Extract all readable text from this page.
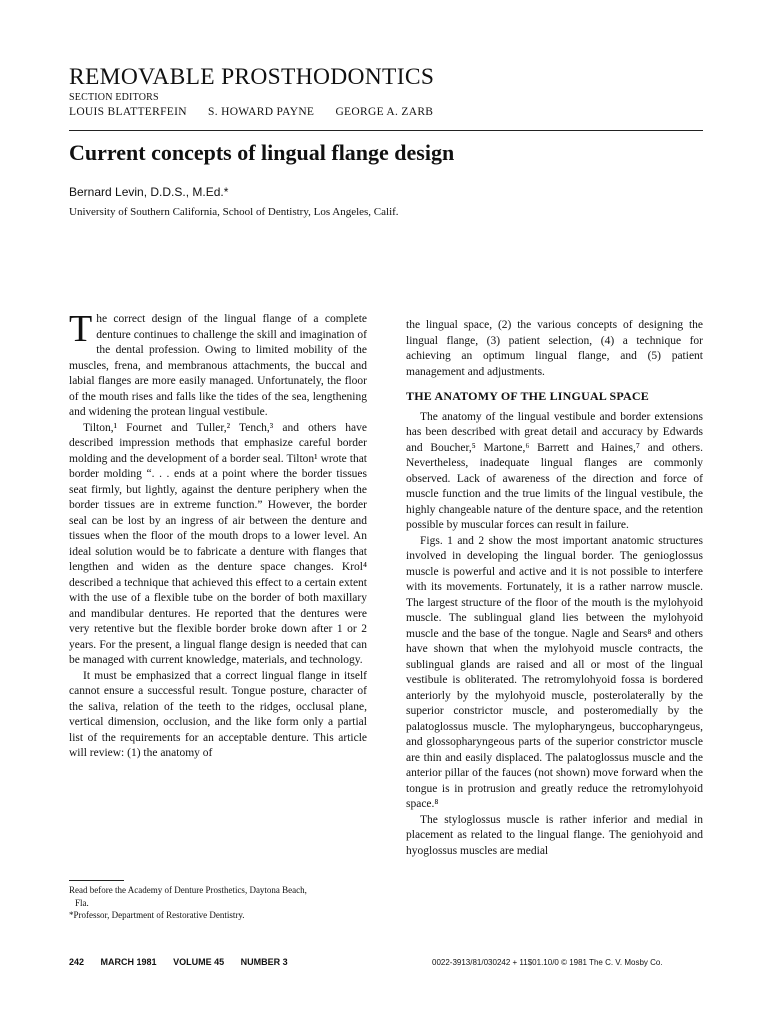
REMOVABLE PROSTHODONTICS
SECTION EDITORS
LOUIS BLATTERFEIN S. HOWARD PAYNE GEORGE A. ZARB
Current concepts of lingual flange design
Bernard Levin, D.D.S., M.Ed.*
University of Southern California, School of Dentistry, Los Angeles, Calif.

The correct design of the lingual flange of a complete denture continues to challenge the skill and imagination of the dental profession. Owing to limited mobility of the muscles, frena, and membranous attachments, the buccal and labial flanges are more easily managed. Unfortunately, the floor of the mouth rises and falls like the tides of the sea, lengthening and widening the protean lingual vestibule.

Tilton,¹ Fournet and Tuller,² Tench,³ and others have described impression methods that emphasize careful border molding and the development of a border seal. Tilton¹ wrote that border molding “. . . ends at a point where the border tissues seat firmly, but lightly, against the denture periphery when the border tissues are in extreme function.” However, the border seal can be lost by an ingress of air between the denture and tissues when the floor of the mouth drops to a lower level. An ideal solution would be to fabricate a denture with flanges that lengthen and widen as the denture space changes. Krol⁴ described a technique that achieved this effect to a certain extent with the use of a flexible tube on the border of both maxillary and mandibular dentures. He reported that the dentures were very retentive but the flexible border broke down after 1 or 2 years. For the present, a lingual flange design is needed that can be managed with current knowledge, materials, and technology.

It must be emphasized that a correct lingual flange in itself cannot ensure a successful result. Tongue posture, character of the saliva, relation of the teeth to the ridges, occlusal plane, vertical dimension, occlusion, and the like form only a partial list of the requirements for an acceptable denture. This article will review: (1) the anatomy of

the lingual space, (2) the various concepts of designing the lingual flange, (3) patient selection, (4) a technique for achieving an optimum lingual flange, and (5) patient management and adjustments.

THE ANATOMY OF THE LINGUAL SPACE

The anatomy of the lingual vestibule and border extensions has been described with great detail and accuracy by Edwards and Boucher,⁵ Martone,⁶ Barrett and Haines,⁷ and others. Nevertheless, inadequate lingual flanges are commonly observed. Lack of awareness of the direction and force of muscle function and the true limits of the lingual vestibule, the highly changeable nature of the denture space, and the retention possible by muscular forces can result in failure.

Figs. 1 and 2 show the most important anatomic structures involved in developing the lingual border. The genioglossus muscle is powerful and active and it is not possible to interfere with its movements. Fortunately, it is a rather narrow muscle. The largest structure of the floor of the mouth is the mylohyoid muscle. The sublingual gland lies between the mylohyoid muscle and the base of the tongue. Nagle and Sears⁸ and others have shown that when the mylohyoid muscle contracts, the sublingual glands are raised and all or most of the lingual vestibule is obliterated. The retromylohyoid fossa is bordered anteriorly by the mylohyoid muscle, posterolaterally by the superior constrictor muscle, and posteromedially by the palatoglossus muscle. The mylopharyngeus, buccopharyngeus, and glossopharyngeous parts of the superior constrictor muscle are thin and easily displaced. The palatoglossus muscle and the anterior pillar of the fauces (not shown) move forward when the tongue is in protrusion and greatly reduce the retromylohyoid space.⁸

The styloglossus muscle is rather inferior and medial in placement as related to the lingual flange. The geniohyoid and hyoglossus muscles are medial

Read before the Academy of Denture Prosthetics, Daytona Beach,
Fla.
*Professor, Department of Restorative Dentistry.
242 MARCH 1981 VOLUME 45 NUMBER 3	0022-3913/81/030242 + 11$01.10/0 © 1981 The C. V. Mosby Co.
